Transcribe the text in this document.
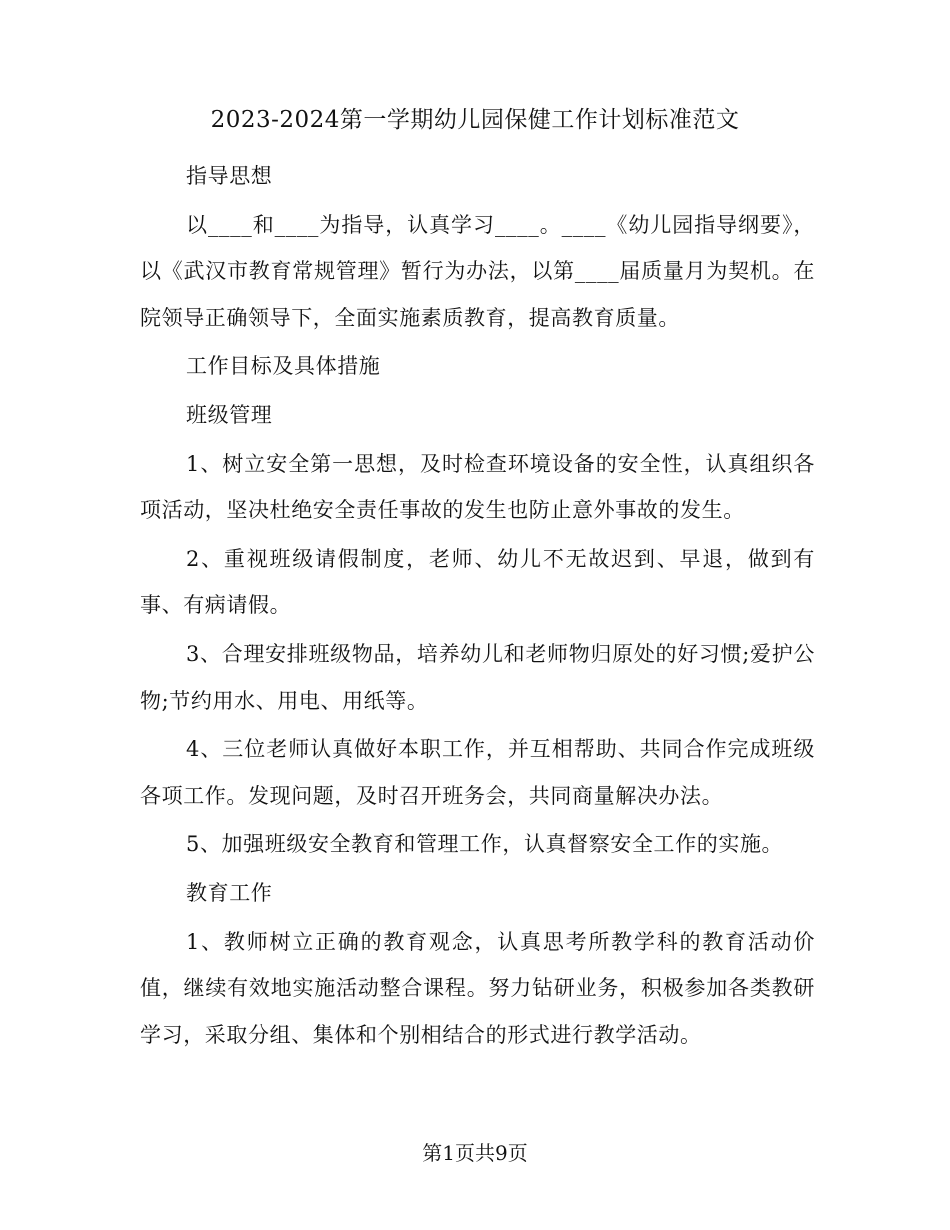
2023-2024第一学期幼儿园保健工作计划标准范文

指导思想

以____和____为指导，认真学习____。____《幼儿园指导纲要》，以《武汉市教育常规管理》暂行为办法，以第____届质量月为契机。在院领导正确领导下，全面实施素质教育，提高教育质量。

工作目标及具体措施

班级管理

1、树立安全第一思想，及时检查环境设备的安全性，认真组织各项活动，坚决杜绝安全责任事故的发生也防止意外事故的发生。

2、重视班级请假制度，老师、幼儿不无故迟到、早退，做到有事、有病请假。

3、合理安排班级物品，培养幼儿和老师物归原处的好习惯;爱护公物;节约用水、用电、用纸等。

4、三位老师认真做好本职工作，并互相帮助、共同合作完成班级各项工作。发现问题，及时召开班务会，共同商量解决办法。

5、加强班级安全教育和管理工作，认真督察安全工作的实施。

教育工作

1、教师树立正确的教育观念，认真思考所教学科的教育活动价值，继续有效地实施活动整合课程。努力钻研业务，积极参加各类教研学习，采取分组、集体和个别相结合的形式进行教学活动。

第1页共9页
